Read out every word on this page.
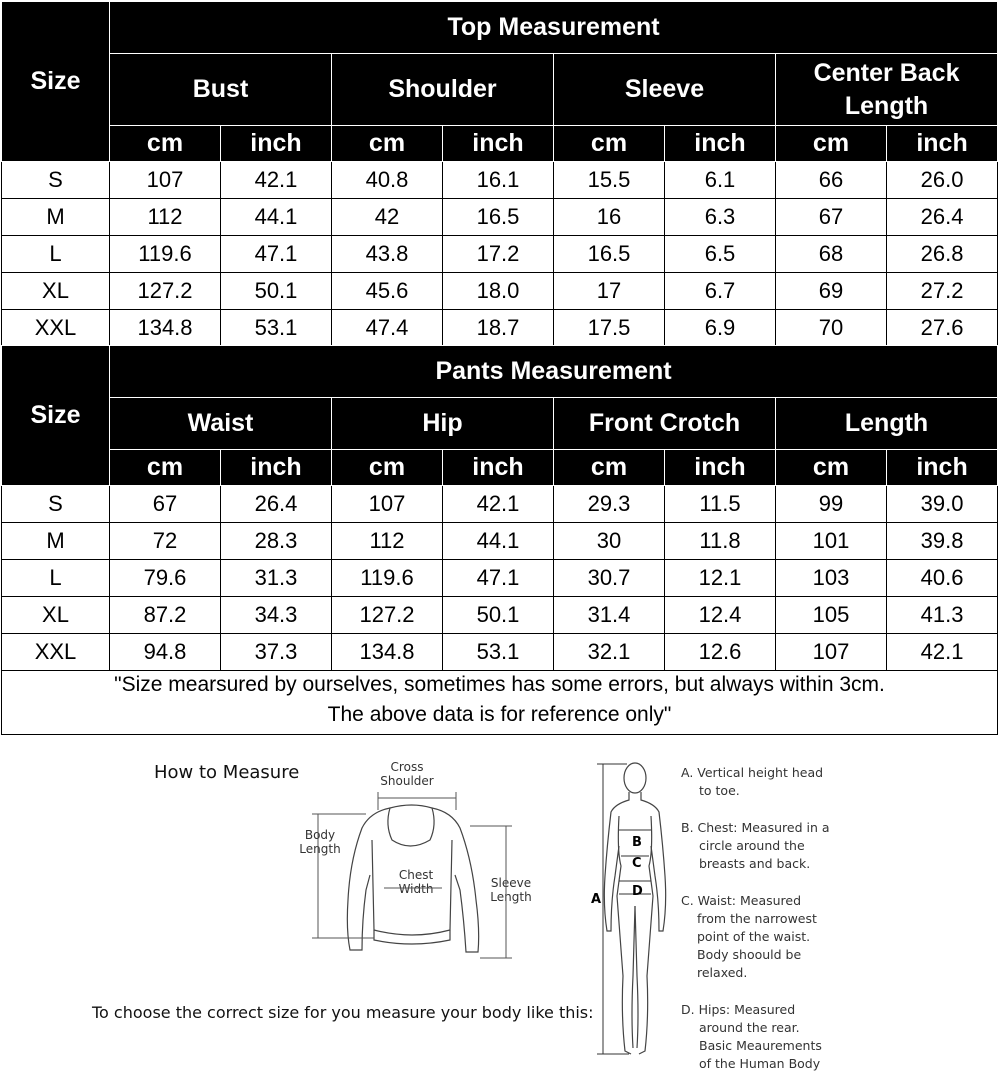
Size	Top Measurement							
	Bust		Shoulder		Sleeve		Center Back Length	
	cm	inch	cm	inch	cm	inch	cm	inch
S	107	42.1	40.8	16.1	15.5	6.1	66	26.0
M	112	44.1	42	16.5	16	6.3	67	26.4
L	119.6	47.1	43.8	17.2	16.5	6.5	68	26.8
XL	127.2	50.1	45.6	18.0	17	6.7	69	27.2
XXL	134.8	53.1	47.4	18.7	17.5	6.9	70	27.6
Size	Pants Measurement							
	Waist		Hip		Front Crotch		Length	
	cm	inch	cm	inch	cm	inch	cm	inch
S	67	26.4	107	42.1	29.3	11.5	99	39.0
M	72	28.3	112	44.1	30	11.8	101	39.8
L	79.6	31.3	119.6	47.1	30.7	12.1	103	40.6
XL	87.2	34.3	127.2	50.1	31.4	12.4	105	41.3
XXL	94.8	37.3	134.8	53.1	32.1	12.6	107	42.1
"Size mearsured by ourselves, sometimes has some errors, but always within 3cm.
The above data is for reference only"
How to Measure	Cross
Shoulder
Body
Length
Chest
Width	Sleeve
Length
To choose the correct size for you measure your body like this:
A
B
C
D
A. Vertical height head
to toe.
B. Chest: Measured in a
circle around the
breasts and back.
C. Waist: Measured
from the narrowest
point of the waist.
Body shoould be
relaxed.
D. Hips: Measured
around the rear.
Basic Meaurements
of the Human Body
